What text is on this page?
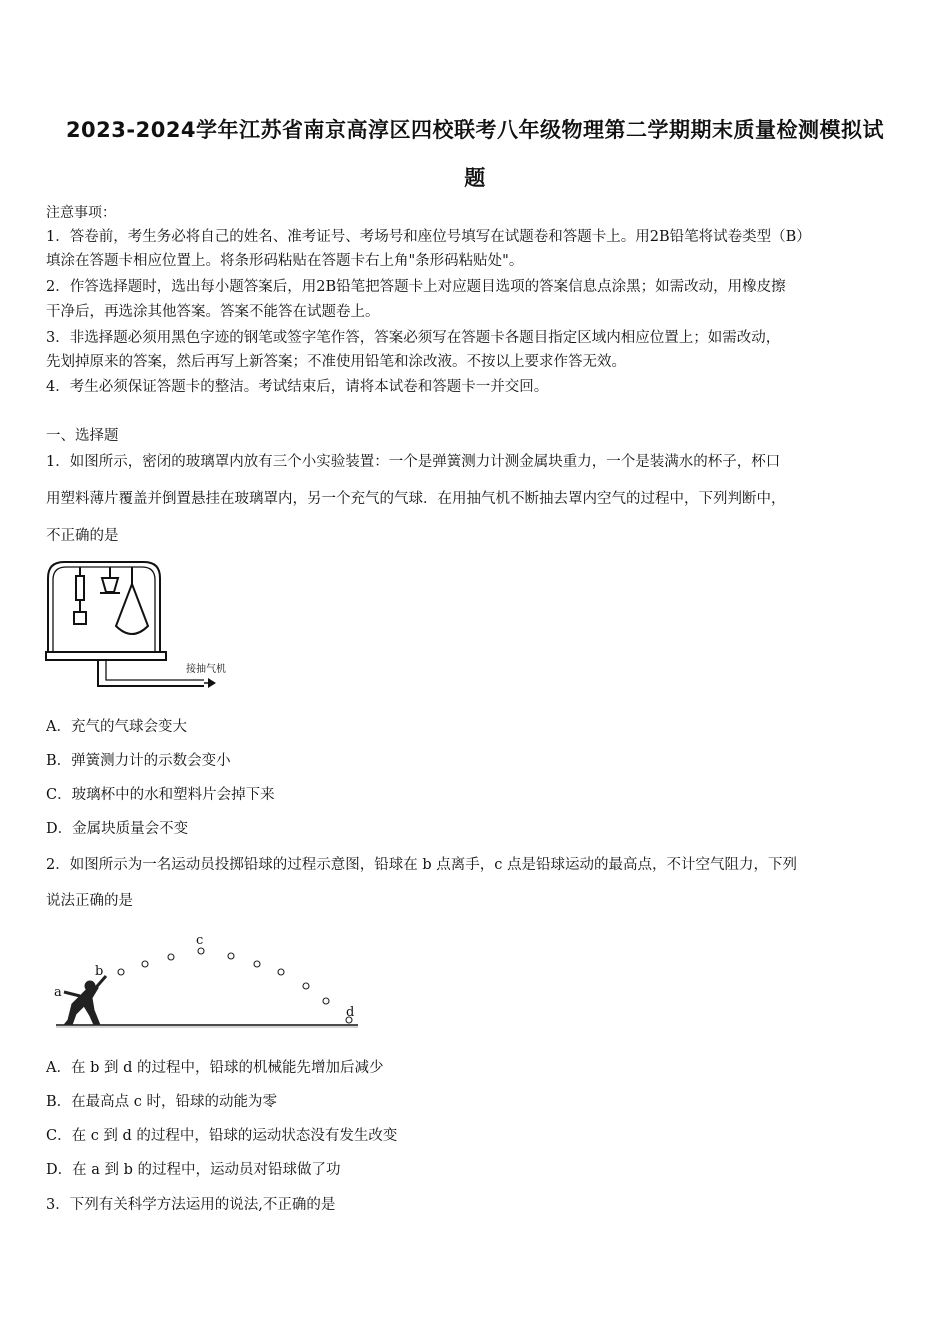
2023-2024学年江苏省南京高淳区四校联考八年级物理第二学期期末质量检测模拟试
题
注意事项：
1．答卷前，考生务必将自己的姓名、准考证号、考场号和座位号填写在试题卷和答题卡上。用2B铅笔将试卷类型（B）
填涂在答题卡相应位置上。将条形码粘贴在答题卡右上角"条形码粘贴处"。
2．作答选择题时，选出每小题答案后，用2B铅笔把答题卡上对应题目选项的答案信息点涂黑；如需改动，用橡皮擦
干净后，再选涂其他答案。答案不能答在试题卷上。
3．非选择题必须用黑色字迹的钢笔或签字笔作答，答案必须写在答题卡各题目指定区域内相应位置上；如需改动，
先划掉原来的答案，然后再写上新答案；不准使用铅笔和涂改液。不按以上要求作答无效。
4．考生必须保证答题卡的整洁。考试结束后，请将本试卷和答题卡一并交回。
一、选择题
1．如图所示，密闭的玻璃罩内放有三个小实验装置：一个是弹簧测力计测金属块重力，一个是装满水的杯子，杯口
用塑料薄片覆盖并倒置悬挂在玻璃罩内，另一个充气的气球．在用抽气机不断抽去罩内空气的过程中，下列判断中，
不正确的是
接抽气机
A．充气的气球会变大
B．弹簧测力计的示数会变小
C．玻璃杯中的水和塑料片会掉下来
D．金属块质量会不变
2．如图所示为一名运动员投掷铅球的过程示意图，铅球在 b 点离手，c 点是铅球运动的最高点，不计空气阻力，下列
说法正确的是
a
b
c
d
A．在 b 到 d 的过程中，铅球的机械能先增加后减少
B．在最高点 c 时，铅球的动能为零
C．在 c 到 d 的过程中，铅球的运动状态没有发生改变
D．在 a 到 b 的过程中，运动员对铅球做了功
3．下列有关科学方法运用的说法,不正确的是
